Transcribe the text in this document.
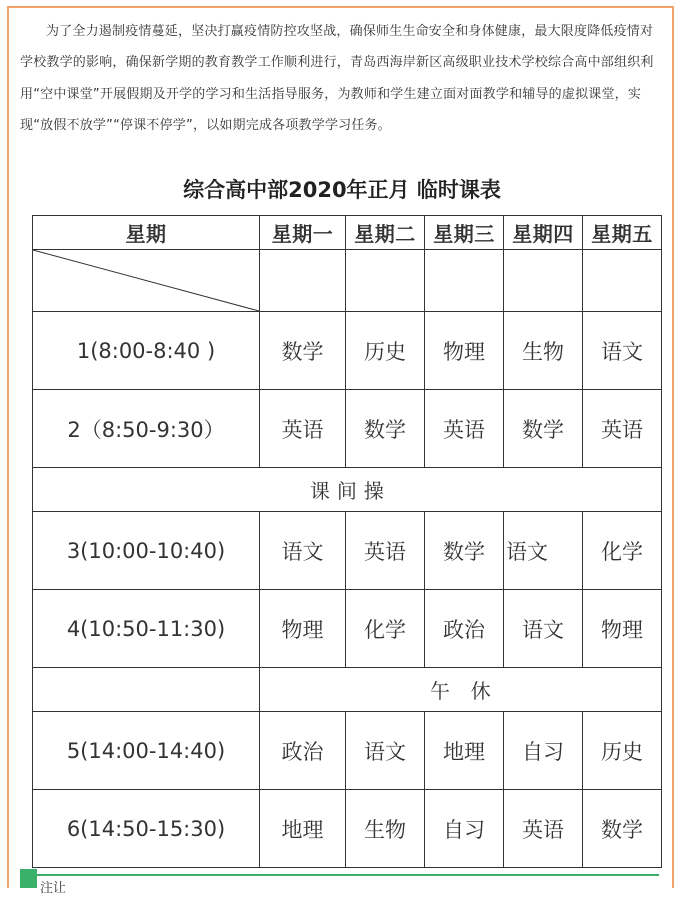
为了全力遏制疫情蔓延，坚决打赢疫情防控攻坚战，确保师生生命安全和身体健康，最大限度降低疫情对学校教学的影响，确保新学期的教育教学工作顺利进行，青岛西海岸新区高级职业技术学校综合高中部组织利用“空中课堂”开展假期及开学的学习和生活指导服务，为教师和学生建立面对面教学和辅导的虚拟课堂，实现“放假不放学”“停课不停学”，以如期完成各项教学学习任务。

综合高中部2020年正月 临时课表
星期	星期一	星期二	星期三	星期四	星期五

1(8:00-8:40 )	数学	历史	物理	生物	语文
2（8:50-9:30）	英语	数学	英语	数学	英语
课 间 操					
3(10:00-10:40)	语文	英语	数学	语文	化学
4(10:50-11:30)	物理	化学	政治	语文	物理
	午　休				
5(14:00-14:40)	政治	语文	地理	自习	历史
6(14:50-15:30)	地理	生物	自习	英语	数学
注让
